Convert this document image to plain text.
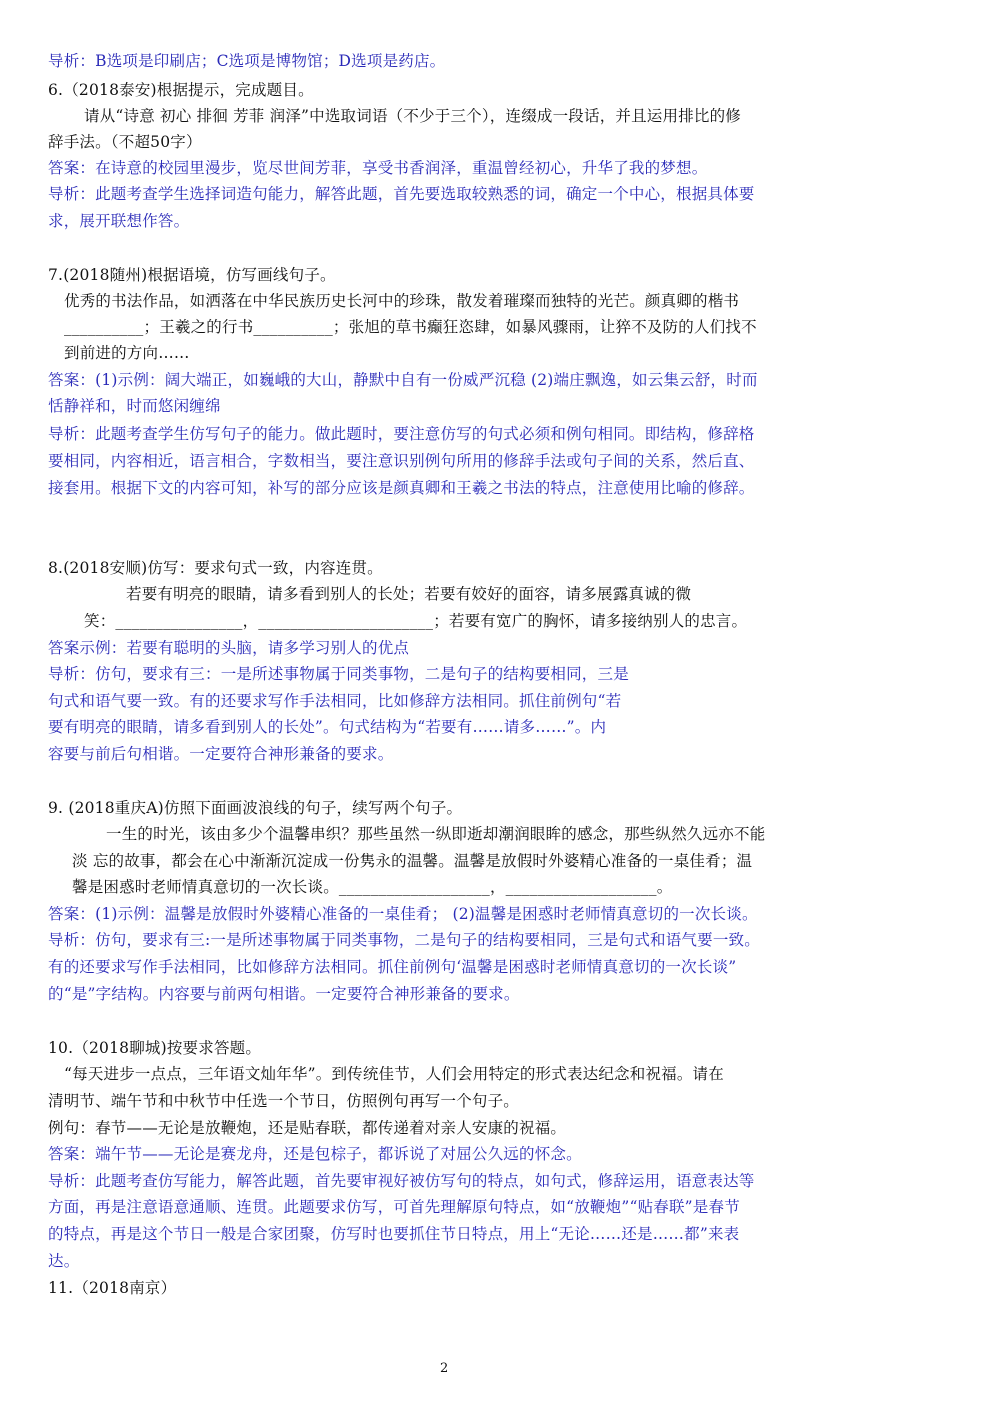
导析：B选项是印刷店；C选项是博物馆；D选项是药店。
6.（2018泰安)根据提示，完成题目。
请从“诗意 初心 排徊 芳菲 润泽”中选取词语（不少于三个），连缀成一段话，并且运用排比的修
辞手法。（不超50字）
答案：在诗意的校园里漫步，览尽世间芳菲，享受书香润泽，重温曾经初心，升华了我的梦想。
导析：此题考查学生选择词造句能力，解答此题，首先要选取较熟悉的词，确定一个中心，根据具体要
求，展开联想作答。
7.(2018随州)根据语境，仿写画线句子。
优秀的书法作品，如洒落在中华民族历史长河中的珍珠，散发着璀璨而独特的光芒。颜真卿的楷书
__________；王羲之的行书__________；张旭的草书癫狂恣肆，如暴风骤雨，让猝不及防的人们找不
到前进的方向……
答案：(1)示例：阔大端正，如巍峨的大山，静默中自有一份威严沉稳 (2)端庄飘逸，如云集云舒，时而
恬静祥和，时而悠闲缠绵
导析：此题考查学生仿写句子的能力。做此题时，要注意仿写的句式必须和例句相同。即结构，修辞格
要相同，内容相近，语言相合，字数相当，要注意识别例句所用的修辞手法或句子间的关系，然后直、
接套用。根据下文的内容可知，补写的部分应该是颜真卿和王羲之书法的特点，注意使用比喻的修辞。
8.(2018安顺)仿写：要求句式一致，内容连贯。
若要有明亮的眼睛，请多看到别人的长处；若要有姣好的面容，请多展露真诚的微
笑：________________，______________________；若要有宽广的胸怀，请多接纳别人的忠言。
答案示例：若要有聪明的头脑，请多学习别人的优点
导析：仿句，要求有三：一是所述事物属于同类事物，二是句子的结构要相同，三是
句式和语气要一致。有的还要求写作手法相同，比如修辞方法相同。抓住前例句“若
要有明亮的眼睛，请多看到别人的长处”。句式结构为“若要有……请多……”。内
容要与前后句相谐。一定要符合神形兼备的要求。
9. (2018重庆A)仿照下面画波浪线的句子，续写两个句子。
一生的时光，该由多少个温馨串织？那些虽然一纵即逝却潮润眼眸的感念，那些纵然久远亦不能
淡 忘的故事，都会在心中渐渐沉淀成一份隽永的温馨。温馨是放假时外婆精心准备的一桌佳肴；温
馨是困惑时老师情真意切的一次长谈。___________________，___________________。
答案：(1)示例：温馨是放假时外婆精心准备的一桌佳肴； (2)温馨是困惑时老师情真意切的一次长谈。
导析：仿句，要求有三:一是所述事物属于同类事物，二是句子的结构要相同，三是句式和语气要一致。
有的还要求写作手法相同，比如修辞方法相同。抓住前例句‘温馨是困惑时老师情真意切的一次长谈”
的“是”字结构。内容要与前两句相谐。一定要符合神形兼备的要求。
10.（2018聊城)按要求答题。
“每天进步一点点，三年语文灿年华”。到传统佳节，人们会用特定的形式表达纪念和祝福。请在
清明节、端午节和中秋节中任选一个节日，仿照例句再写一个句子。
例句：春节——无论是放鞭炮，还是贴春联，都传递着对亲人安康的祝福。
答案：端午节——无论是赛龙舟，还是包棕子，都诉说了对屈公久远的怀念。
导析：此题考查仿写能力，解答此题，首先要审视好被仿写句的特点，如句式，修辞运用，语意表达等
方面，再是注意语意通顺、连贯。此题要求仿写，可首先理解原句特点，如“放鞭炮”“贴春联”是春节
的特点，再是这个节日一般是合家团聚，仿写时也要抓住节日特点，用上“无论……还是……都”来表
达。
11.（2018南京）
2
